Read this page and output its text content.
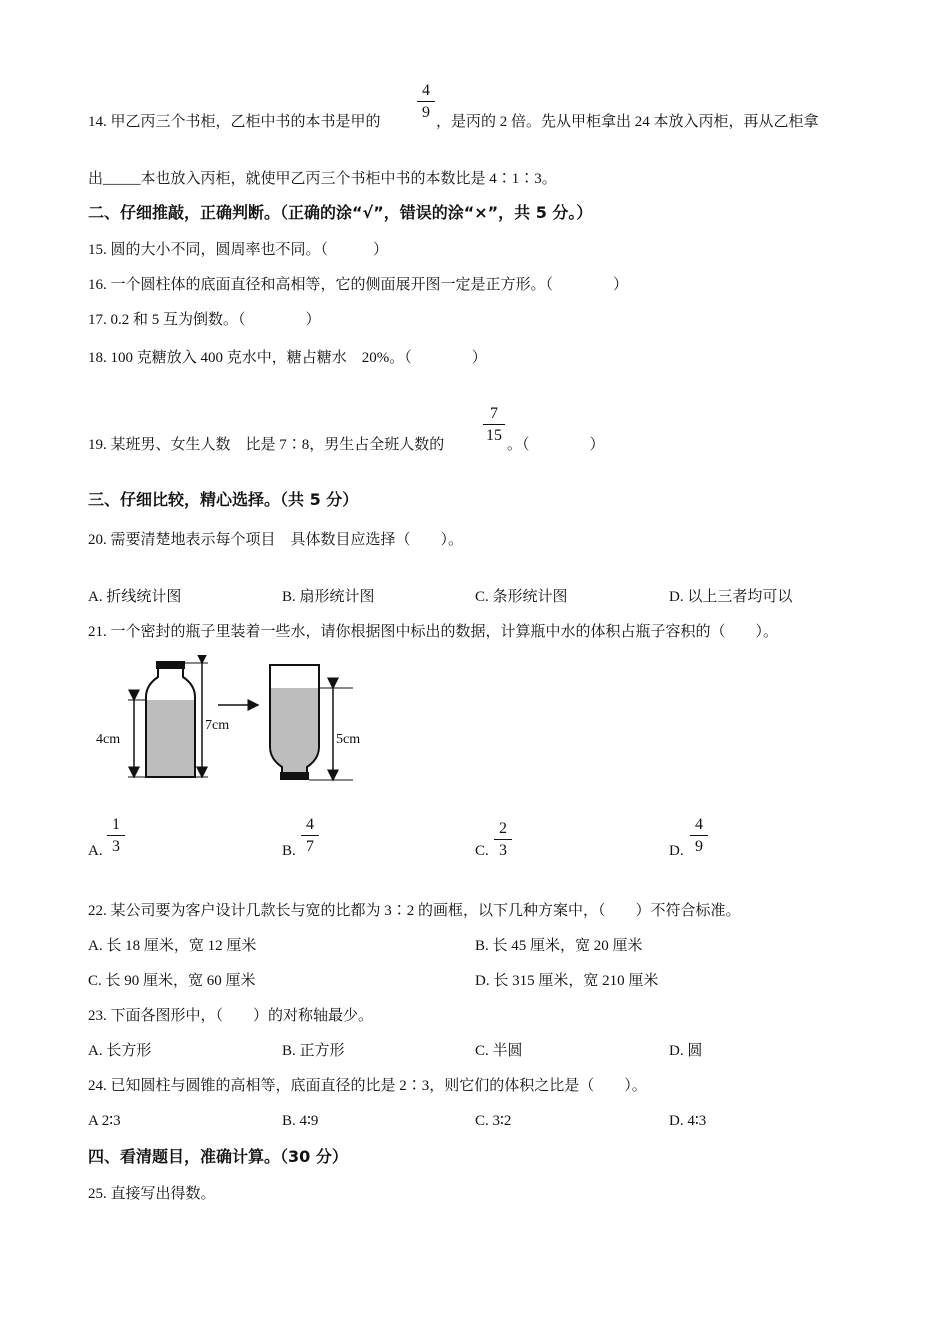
14. 甲乙丙三个书柜，乙柜中书的本书是甲的
4
9
，是丙的 2 倍。先从甲柜拿出 24 本放入丙柜，再从乙柜拿
出_____本也放入丙柜，就使甲乙丙三个书柜中书的本数比是 4∶1∶3。
二、仔细推敲，正确判断。（正确的涂“√”，错误的涂“×”，共 5 分。）
15. 圆的大小不同，圆周率也不同。（　　　）
16. 一个圆柱体的底面直径和高相等，它的侧面展开图一定是正方形。（　　　　）
17. 0.2 和 5 互为倒数。（　　　　）
18. 100 克糖放入 400 克水中，糖占糖水　20%。（　　　　）
19. 某班男、女生人数　比是 7∶8，男生占全班人数的
7
15
。（　　　　）
三、仔细比较，精心选择。（共 5 分）
20. 需要清楚地表示每个项目　具体数目应选择（　　）。
A. 折线统计图	B. 扇形统计图	C. 条形统计图	D. 以上三者均可以
21. 一个密封的瓶子里装着一些水，请你根据图中标出的数据，计算瓶中水的体积占瓶子容积的（　　）。
4cm
7cm
5cm
A.
1
3	B.
4
7	C.
2
3	D.
4
9
22. 某公司要为客户设计几款长与宽的比都为 3∶2 的画框，以下几种方案中，（　　）不符合标准。
A. 长 18 厘米，宽 12 厘米	B. 长 45 厘米，宽 20 厘米
C. 长 90 厘米，宽 60 厘米	D. 长 315 厘米，宽 210 厘米
23. 下面各图形中，（　　）的对称轴最少。
A. 长方形	B. 正方形	C. 半圆	D. 圆
24. 已知圆柱与圆锥的高相等，底面直径的比是 2∶3，则它们的体积之比是（　　）。
A 2∶3	B. 4∶9	C. 3∶2	D. 4∶3
四、看清题目，准确计算。（30 分）
25. 直接写出得数。
